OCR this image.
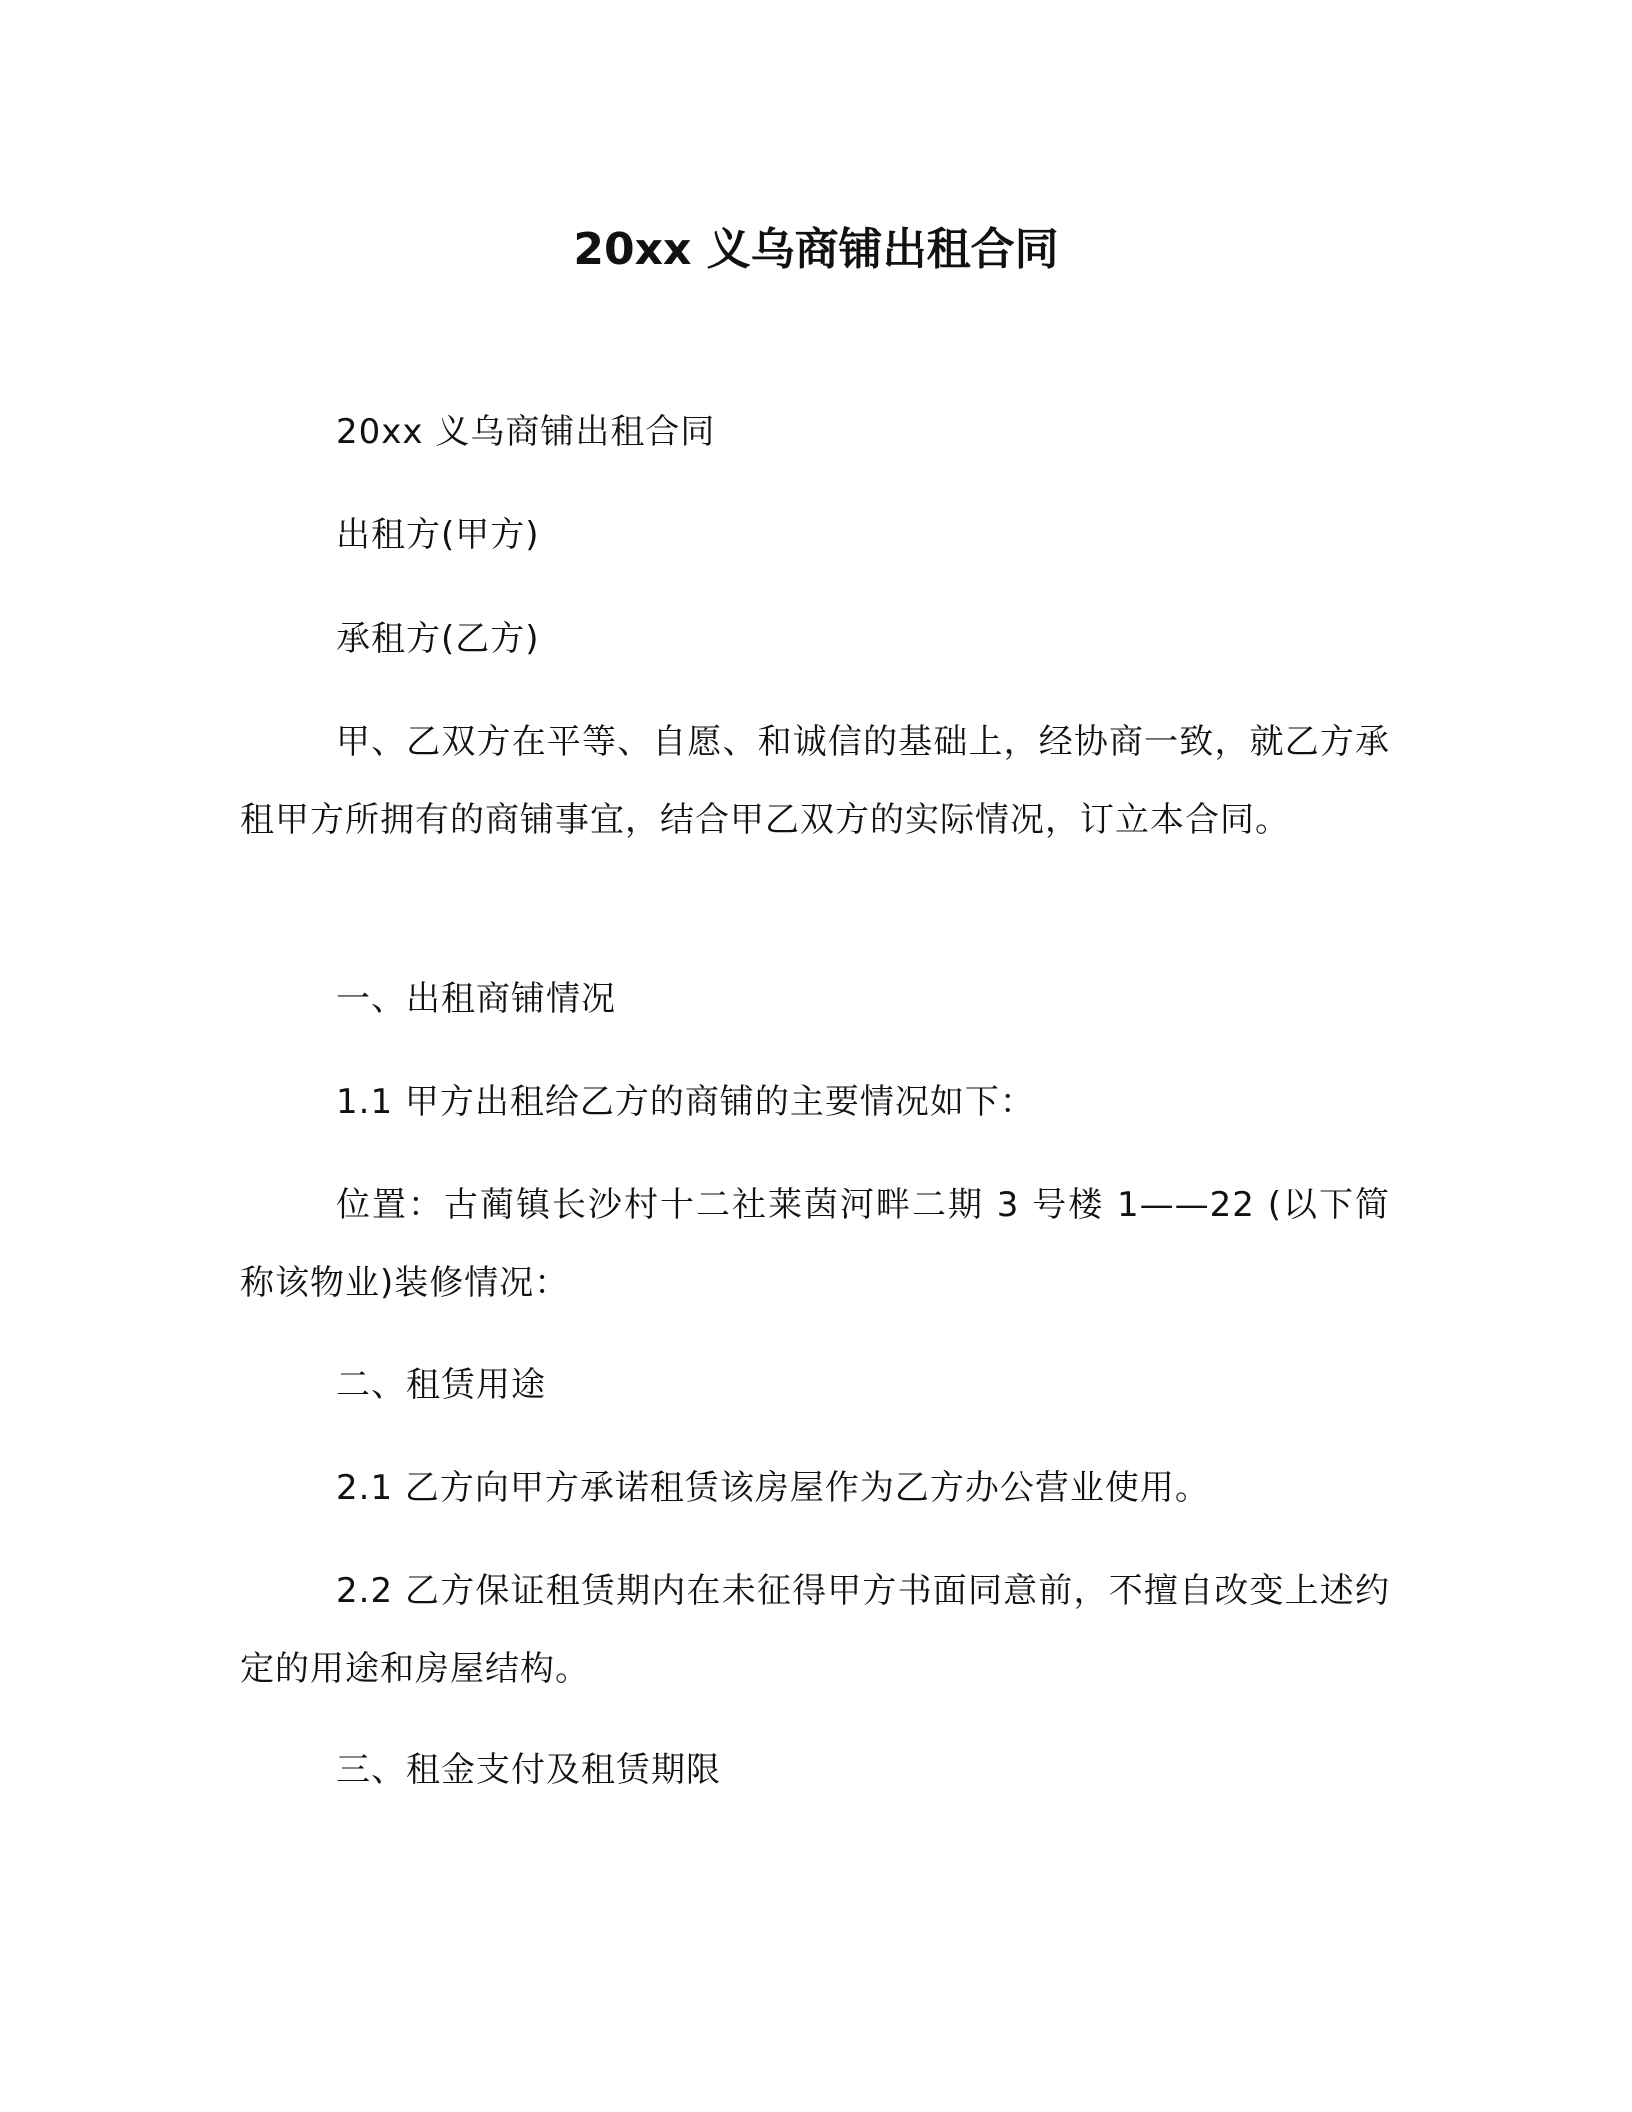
20xx 义乌商铺出租合同

20xx 义乌商铺出租合同

出租方(甲方)

承租方(乙方)

甲、乙双方在平等、自愿、和诚信的基础上，经协商一致，就乙方承租甲方所拥有的商铺事宜，结合甲乙双方的实际情况，订立本合同。

一、出租商铺情况

1.1 甲方出租给乙方的商铺的主要情况如下：

位置：古蔺镇长沙村十二社莱茵河畔二期 3 号楼 1——22 (以下简称该物业)装修情况：

二、租赁用途

2.1 乙方向甲方承诺租赁该房屋作为乙方办公营业使用。

2.2 乙方保证租赁期内在未征得甲方书面同意前，不擅自改变上述约定的用途和房屋结构。

三、租金支付及租赁期限
